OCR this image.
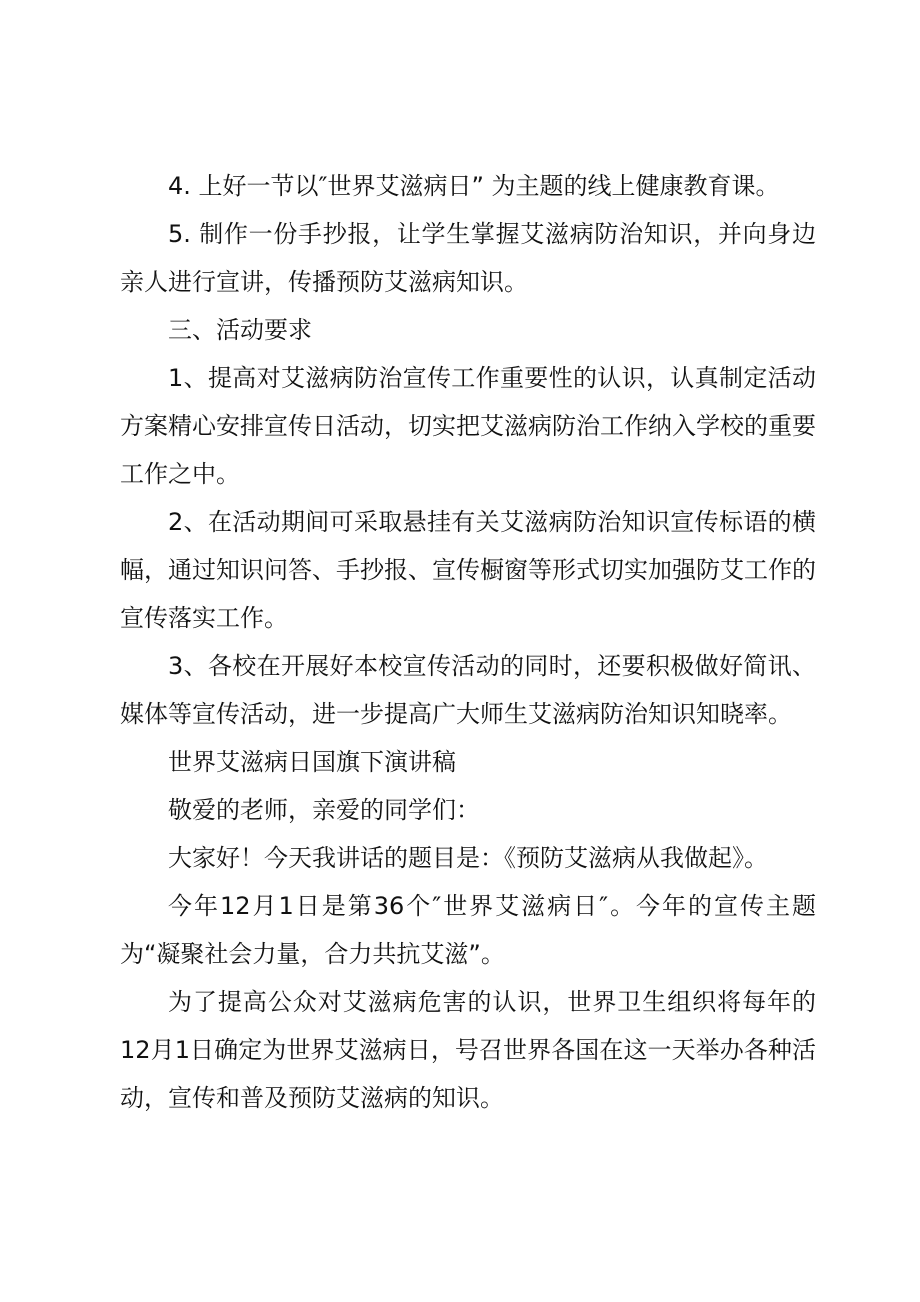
4. 上好一节以″世界艾滋病日” 为主题的线上健康教育课。

5. 制作一份手抄报，让学生掌握艾滋病防治知识，并向身边亲人进行宣讲，传播预防艾滋病知识。

三、活动要求

1、提高对艾滋病防治宣传工作重要性的认识，认真制定活动方案精心安排宣传日活动，切实把艾滋病防治工作纳入学校的重要工作之中。

2、在活动期间可采取悬挂有关艾滋病防治知识宣传标语的横幅，通过知识问答、手抄报、宣传橱窗等形式切实加强防艾工作的宣传落实工作。

3、各校在开展好本校宣传活动的同时，还要积极做好简讯、媒体等宣传活动，进一步提高广大师生艾滋病防治知识知晓率。

世界艾滋病日国旗下演讲稿

敬爱的老师，亲爱的同学们：

大家好！今天我讲话的题目是：《预防艾滋病从我做起》。

今年12月1日是第36个″世界艾滋病日″。今年的宣传主题为“凝聚社会力量，合力共抗艾滋”。

为了提高公众对艾滋病危害的认识，世界卫生组织将每年的12月1日确定为世界艾滋病日，号召世界各国在这一天举办各种活动，宣传和普及预防艾滋病的知识。
